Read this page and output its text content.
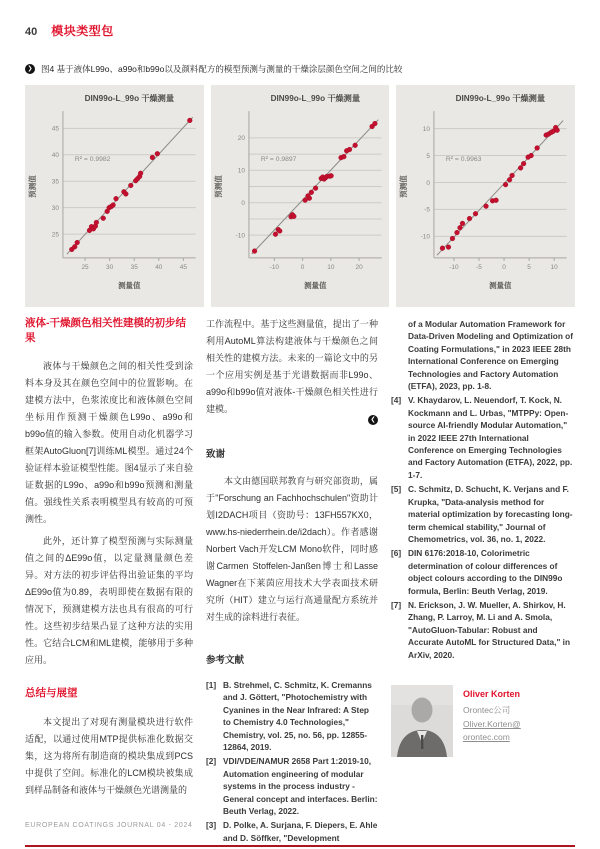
40 模块类型包
❯ 图4 基于液体L99o、a99o和b99o以及颜料配方的模型预测与测量的干燥涂层颜色空间之间的比较
25	30	35	40	45
25
30
35
40
45
DIN99o-L_99o 干燥测量
R² = 0.9982
测量值
预测值
-10	0	10	20
-10
0
10
20
DIN99o-L_99o 干燥测量
R² = 0.9897
测量值
预测值
-10	-5	0	5	10
-10
-5
0
5
10
DIN99o-L_99o 干燥测量
R² = 0.9963
测量值
预测值
液体-干燥颜色相关性建模的初步结果

液体与干燥颜色之间的相关性受到涂料本身及其在颜色空间中的位置影响。在建模方法中，色浆浓度比和液体颜色空间坐标用作预测干燥颜色L99o、a99o和b99o值的输入参数。使用自动化机器学习框架AutoGluon[7]训练ML模型。通过24个验证样本验证模型性能。图4显示了来自验证数据的L99o、a99o和b99o预测和测量值。强线性关系表明模型具有较高的可预测性。

此外，还计算了模型预测与实际测量值之间的ΔE99o值，以定量测量颜色差异。对方法的初步评估得出验证集的平均ΔE99o值为0.89，表明即使在数据有限的情况下，预测建模方法也具有很高的可行性。这些初步结果凸显了这种方法的实用性。它结合LCM和ML建模，能够用于多种应用。

总结与展望

本文提出了对现有测量模块进行软件适配，以通过使用MTP提供标准化数据交集，这为将所有制造商的模块集成到PCS中提供了空间。标准化的LCM模块被集成到样品制备和液体与干燥颜色光谱测量的

工作流程中。基于这些测量值，提出了一种利用AutoML算法构建液体与干燥颜色之间相关性的建模方法。未来的一篇论文中的另一个应用实例是基于光谱数据而非L99o、a99o和b99o值对液体-干燥颜色相关性进行建模。

❮
致谢

本文由德国联邦教育与研究部资助，属于"Forschung an Fachhochschulen"资助计划I2DACH项目（资助号：13FH557KX0，www.hs-niederrhein.de/i2dach）。作者感谢Norbert Vach开发LCM Mono软件，同时感谢Carmen Stoffelen-Janßen博士和Lasse Wagner在下莱茵应用技术大学表面技术研究所（HIT）建立与运行高通量配方系统并对生成的涂料进行表征。

参考文献
[1] B. Strehmel, C. Schmitz, K. Cremanns and J. Göttert, "Photochemistry with Cyanines in the Near Infrared: A Step to Chemistry 4.0 Technologies," Chemistry, vol. 25, no. 56, pp. 12855-12864, 2019.
[2] VDI/VDE/NAMUR 2658 Part 1:2019-10, Automation engineering of modular systems in the process industry - General concept and interfaces. Berlin: Beuth Verlag, 2022.
[3] D. Polke, A. Surjana, F. Diepers, E. Ahle and D. Söffker, "Development
of a Modular Automation Framework for Data-Driven Modeling and Optimization of Coating Formulations," in 2023 IEEE 28th International Conference on Emerging Technologies and Factory Automation (ETFA), 2023, pp. 1-8.
[4] V. Khaydarov, L. Neuendorf, T. Kock, N. Kockmann and L. Urbas, "MTPPy: Open-source AI-friendly Modular Automation," in 2022 IEEE 27th International Conference on Emerging Technologies and Factory Automation (ETFA), 2022, pp. 1-7.
[5] C. Schmitz, D. Schucht, K. Verjans and F. Krupka, "Data-analysis method for material optimization by forecasting long-term chemical stability," Journal of Chemometrics, vol. 36, no. 1, 2022.
[6] DIN 6176:2018-10, Colorimetric determination of colour differences of object colours according to the DIN99o formula, Berlin: Beuth Verlag, 2019.
[7] N. Erickson, J. W. Mueller, A. Shirkov, H. Zhang, P. Larroy, M. Li and A. Smola, "AutoGluon-Tabular: Robust and Accurate AutoML for Structured Data," in ArXiv, 2020.
Oliver Korten
Orontec公司
Oliver.Korten@
orontec.com
EUROPEAN COATINGS JOURNAL 04 - 2024
